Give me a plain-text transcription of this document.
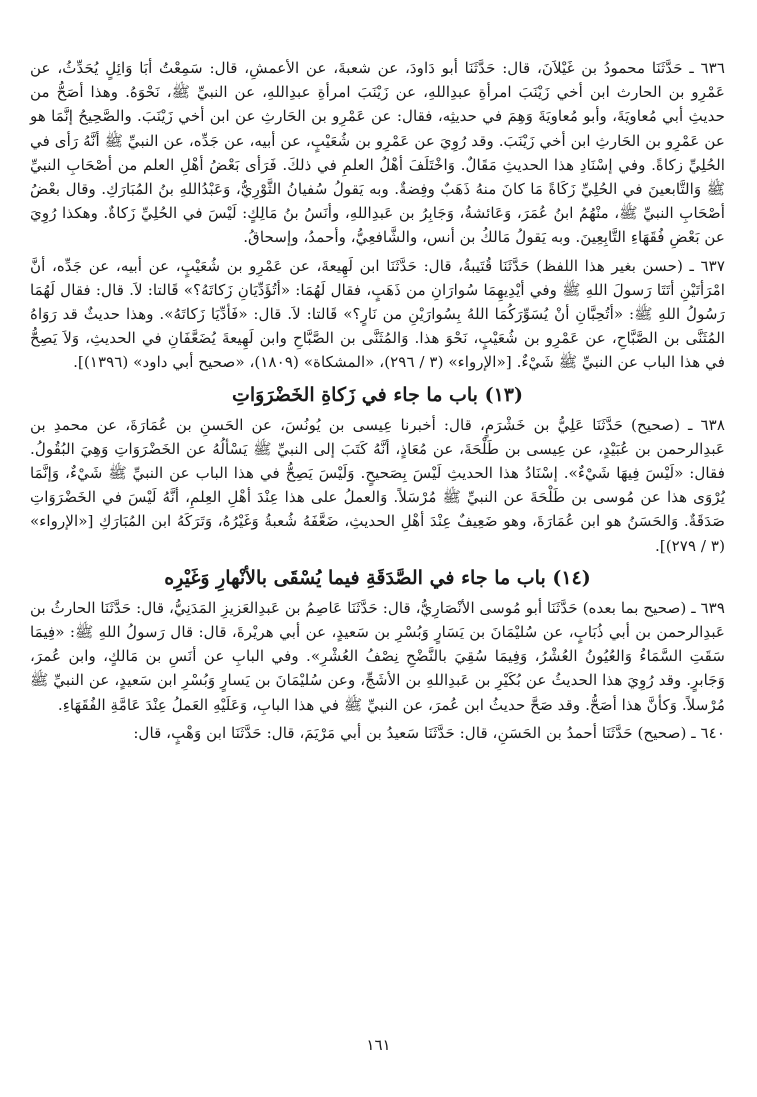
٦٣٦ ـ حَدَّثَنَا محمودُ بن غَيْلاَنَ، قال: حَدَّثَنَا أبو دَاودَ، عن شعبةَ، عن الأعمشِ، قال: سَمِعْتُ أبَا وَائِلٍ يُحَدِّثُ، عن عَمْرِو بن الحارث ابن أخي زَيْنَبَ امرأةِ عبدِاللهِ، عن زَيْنَبَ امرأةِ عبدِاللهِ، عن النبيِّ ﷺ، نَحْوَهُ. وهذا أصَحُّ من حديثِ أبي مُعاويَةَ، وأبو مُعاويَةَ وَهِمَ في حديثِه، فقال: عن عَمْرِو بن الحَارثِ عن ابن أخي زَيْنَبَ. والصَّحِيحُ إنَّمَا هو عن عَمْرِو بن الحَارثِ ابن أخي زَيْنَبَ. وقد رُوِيَ عن عَمْرِو بن شُعَيْبٍ، عن أبيه، عن جَدِّه، عن النبيِّ ﷺ أنَّهُ رَأى في الحُلِيِّ زكاةً. وفي إسْنَادِ هذا الحديثِ مَقَالٌ. وَاخْتَلَفَ أهْلُ العلمِ في ذلكَ. فَرَأى بَعْضُ أهْلِ العلم من أصْحَابِ النبيِّ ﷺ وَالتَّابعينَ في الحُلِيِّ زَكَاةً مَا كانَ منهُ ذَهَبٌ وفِضةٌ. وبه يَقولُ سُفيانُ الثَّوْرِيُّ، وَعَبْدُاللهِ بنُ المُبَارَكِ. وقال بعْضُ أصْحَابِ النبيِّ ﷺ، منْهُمُ ابنُ عُمَرَ، وَعَائشةُ، وَجَابِرُ بن عَبدِاللهِ، وأنَسُ بنُ مَالِكٍ: لَيْسَ في الحُلِيِّ زَكاةٌ. وهكذا رُوِيَ عن بَعْضِ فُقَهَاءِ التَّابِعِينَ. وبه يَقولُ مَالكُ بن أنس، والشَّافعِيُّ، وأحمدُ، وإسحاقُ.
٦٣٧ ـ (حسن بغير هذا اللفظ) حَدَّثَنَا قُتَيبةُ، قال: حَدَّثَنَا ابن لَهِيعةَ، عن عَمْرِو بن شُعَيْبٍ، عن أبيه، عن جَدِّه، أنَّ امْرَأتَيْنِ أتَتَا رَسولَ اللهِ ﷺ وفي أيْدِيهِمَا سُوارَانِ من ذَهَبٍ، فقال لَهُمَا: «أتُؤَدِّيَانِ زَكاتَهُ؟» قَالتا: لاَ. قال: فقال لَهُمَا رَسُولُ اللهِ ﷺ: «أتُحِبَّانِ أنْ يُسَوِّرَكُمَا اللهُ بِسُوارَيْنِ من نَارٍ؟» قَالتا: لاَ. قال: «فَأدِّيَا زَكاتَهُ». وهذا حديثٌ قد رَوَاهُ المُثَنَّى بن الصَّبَّاحِ، عن عَمْرِو بن شُعَيْبٍ، نَحْوَ هذا. وَالمُثَنَّى بن الصَّبَّاحِ وابن لَهِيعةَ يُضَعَّفَانِ في الحديثِ، وَلاَ يَصِحُّ في هذا الباب عن النبيِّ ﷺ شَيْءٌ. [«الإرواء» (٣ / ٢٩٦)، «المشكاة» (١٨٠٩)، «صحيح أبي داود» (١٣٩٦)].
(١٣) باب ما جاء في زَكاةِ الخَضْرَوَاتِ
٦٣٨ ـ (صحيح) حَدَّثَنَا عَلِيُّ بن خَشْرَمٍ، قال: أخبرنا عِيسى بن يُونُسَ، عن الحَسنِ بن عُمَارَةَ، عن محمدِ بن عَبدِالرحمن بن عُبَيْدٍ، عن عِيسى بن طَلْحَةَ، عن مُعَاذٍ، أنَّهُ كَتَبَ إلى النبيِّ ﷺ يَسْألُهُ عن الخَضْرَوَاتِ وَهِيَ البُقُولُ. فقال: «لَيْسَ فِيهَا شَيْءٌ». إسْنَادُ هذا الحديثِ لَيْسَ بِصَحيحٍ. وَلَيْسَ يَصِحُّ في هذا الباب عن النبيِّ ﷺ شَيْءٌ، وَإنَّمَا يُرْوَى هذا عن مُوسى بن طَلْحَةَ عن النبيِّ ﷺ مُرْسَلاً. وَالعملُ على هذا عِنْدَ أهْلِ العِلمِ، أنَّهُ لَيْسَ في الخَضْرَوَاتِ صَدَقَةٌ. وَالحَسَنُ هو ابن عُمَارَةَ، وهو ضَعِيفٌ عِنْدَ أهْلِ الحديثِ، ضَعَّفَهُ شُعبةُ وَغَيْرُهُ، وَتَرَكَهُ ابن المُبَارَكِ [«الإرواء» (٣ / ٢٧٩)].
(١٤) باب ما جاء في الصَّدَقَةِ فيما يُسْقَى بالأنْهارِ وَغَيْرِه
٦٣٩ ـ (صحيح بما بعده) حَدَّثَنَا أبو مُوسى الأنْصَارِيُّ، قال: حَدَّثَنَا عَاصِمُ بن عَبدِالعَزيزِ المَدَنِيُّ، قال: حَدَّثَنَا الحارثُ بن عَبدِالرحمن بن أبي ذُبَابٍ، عن سُليْمَانَ بن يَسَارٍ وَبُسْرِ بن سَعيدٍ، عن أبي هريْرةَ، قال: قال رَسولُ اللهِ ﷺ: «فِيمَا سَقَتِ السَّمَاءُ وَالعُيُونُ العُشْرُ، وَفِيمَا سُقِيَ بالنَّضْحِ نِصْفُ العُشْرِ». وفي البابِ عن أنَسِ بن مَالكٍ، وابن عُمرَ، وَجَابرٍ. وقد رُوِيَ هذا الحديثُ عن بُكَيْرِ بن عَبدِاللهِ بن الأشَجِّ، وعن سُليْمَانَ بن يَسارٍ وَبُسْرِ ابن سَعيدٍ، عن النبيِّ ﷺ مُرْسلاً. وَكأنَّ هذا أصَحُّ. وقد صَحَّ حديثُ ابن عُمرَ، عن النبيِّ ﷺ في هذا البابِ، وَعَلَيْهِ العَملُ عِنْدَ عَامَّةِ الفُقَهَاءِ.
٦٤٠ ـ (صحيح) حَدَّثَنَا أحمدُ بن الحَسَنِ، قال: حَدَّثَنَا سَعيدُ بن أبي مَرْيَمَ، قال: حَدَّثَنَا ابن وَهْبٍ، قال:
١٦١
